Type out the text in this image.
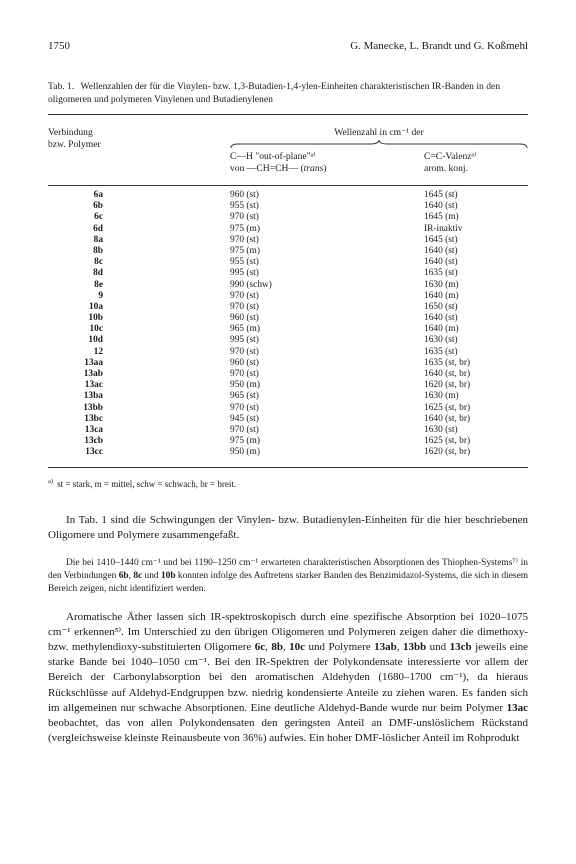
1750	G. Manecke, L. Brandt und G. Koßmehl
Tab. 1. Wellenzahlen der für die Vinylen- bzw. 1,3-Butadien-1,4-ylen-Einheiten charakteristischen IR-Banden in den oligomeren und polymeren Vinylenen und Butadienylenen
Verbindung
bzw. Polymer
Wellenzahl in cm⁻¹ der
C—H "out-of-plane"ᵃ⁾
von —CH=CH— (trans)
C=C-Valenzᵃ⁾
arom. konj.
6a	960 (st)	1645 (st)
6b	955 (st)	1640 (st)
6c	970 (st)	1645 (m)
6d	975 (m)	IR-inaktiv
8a	970 (st)	1645 (st)
8b	975 (m)	1640 (st)
8c	955 (st)	1640 (st)
8d	995 (st)	1635 (st)
8e	990 (schw)	1630 (m)
9	970 (st)	1640 (m)
10a	970 (st)	1650 (st)
10b	960 (st)	1640 (st)
10c	965 (m)	1640 (m)
10d	995 (st)	1630 (st)
12	970 (st)	1635 (st)
13aa	960 (st)	1635 (st, br)
13ab	970 (st)	1640 (st, br)
13ac	950 (m)	1620 (st, br)
13ba	965 (st)	1630 (m)
13bb	970 (st)	1625 (st, br)
13bc	945 (st)	1640 (st, br)
13ca	970 (st)	1630 (st)
13cb	975 (m)	1625 (st, br)
13cc	950 (m)	1620 (st, br)
$^{a)}$ st = stark, m = mittel, schw = schwach, br = breit.

In Tab. 1 sind die Schwingungen der Vinylen- bzw. Butadienylen-Einheiten für die hier beschriebenen Oligomere und Polymere zusammengefaßt.

Die bei 1410–1440 cm⁻¹ und bei 1190–1250 cm⁻¹ erwarteten charakteristischen Absorptionen des Thiophen-Systems⁷⁾ in den Verbindungen 6b, 8c und 10b konnten infolge des Auftretens starker Banden des Benzimidazol-Systems, die sich in diesem Bereich zeigen, nicht identifiziert werden.

Aromatische Äther lassen sich IR-spektroskopisch durch eine spezifische Absorption bei 1020–1075 cm⁻¹ erkennen⁵⁾. Im Unterschied zu den übrigen Oligomeren und Polymeren zeigen daher die dimethoxy- bzw. methylendioxy-substituierten Oligomere 6c, 8b, 10c und Polymere 13ab, 13bb und 13cb jeweils eine starke Bande bei 1040–1050 cm⁻¹. Bei den IR-Spektren der Polykondensate interessierte vor allem der Bereich der Carbonylabsorption bei den aromatischen Aldehyden (1680–1700 cm⁻¹), da hieraus Rückschlüsse auf Aldehyd-Endgruppen bzw. niedrig kondensierte Anteile zu ziehen waren. Es fanden sich im allgemeinen nur schwache Absorptionen. Eine deutliche Aldehyd-Bande wurde nur beim Polymer 13ac beobachtet, das von allen Polykondensaten den geringsten Anteil an DMF-unslöslichem Rückstand (vergleichsweise kleinste Reinausbeute von 36%) aufwies. Ein hoher DMF-löslicher Anteil im Rohprodukt
